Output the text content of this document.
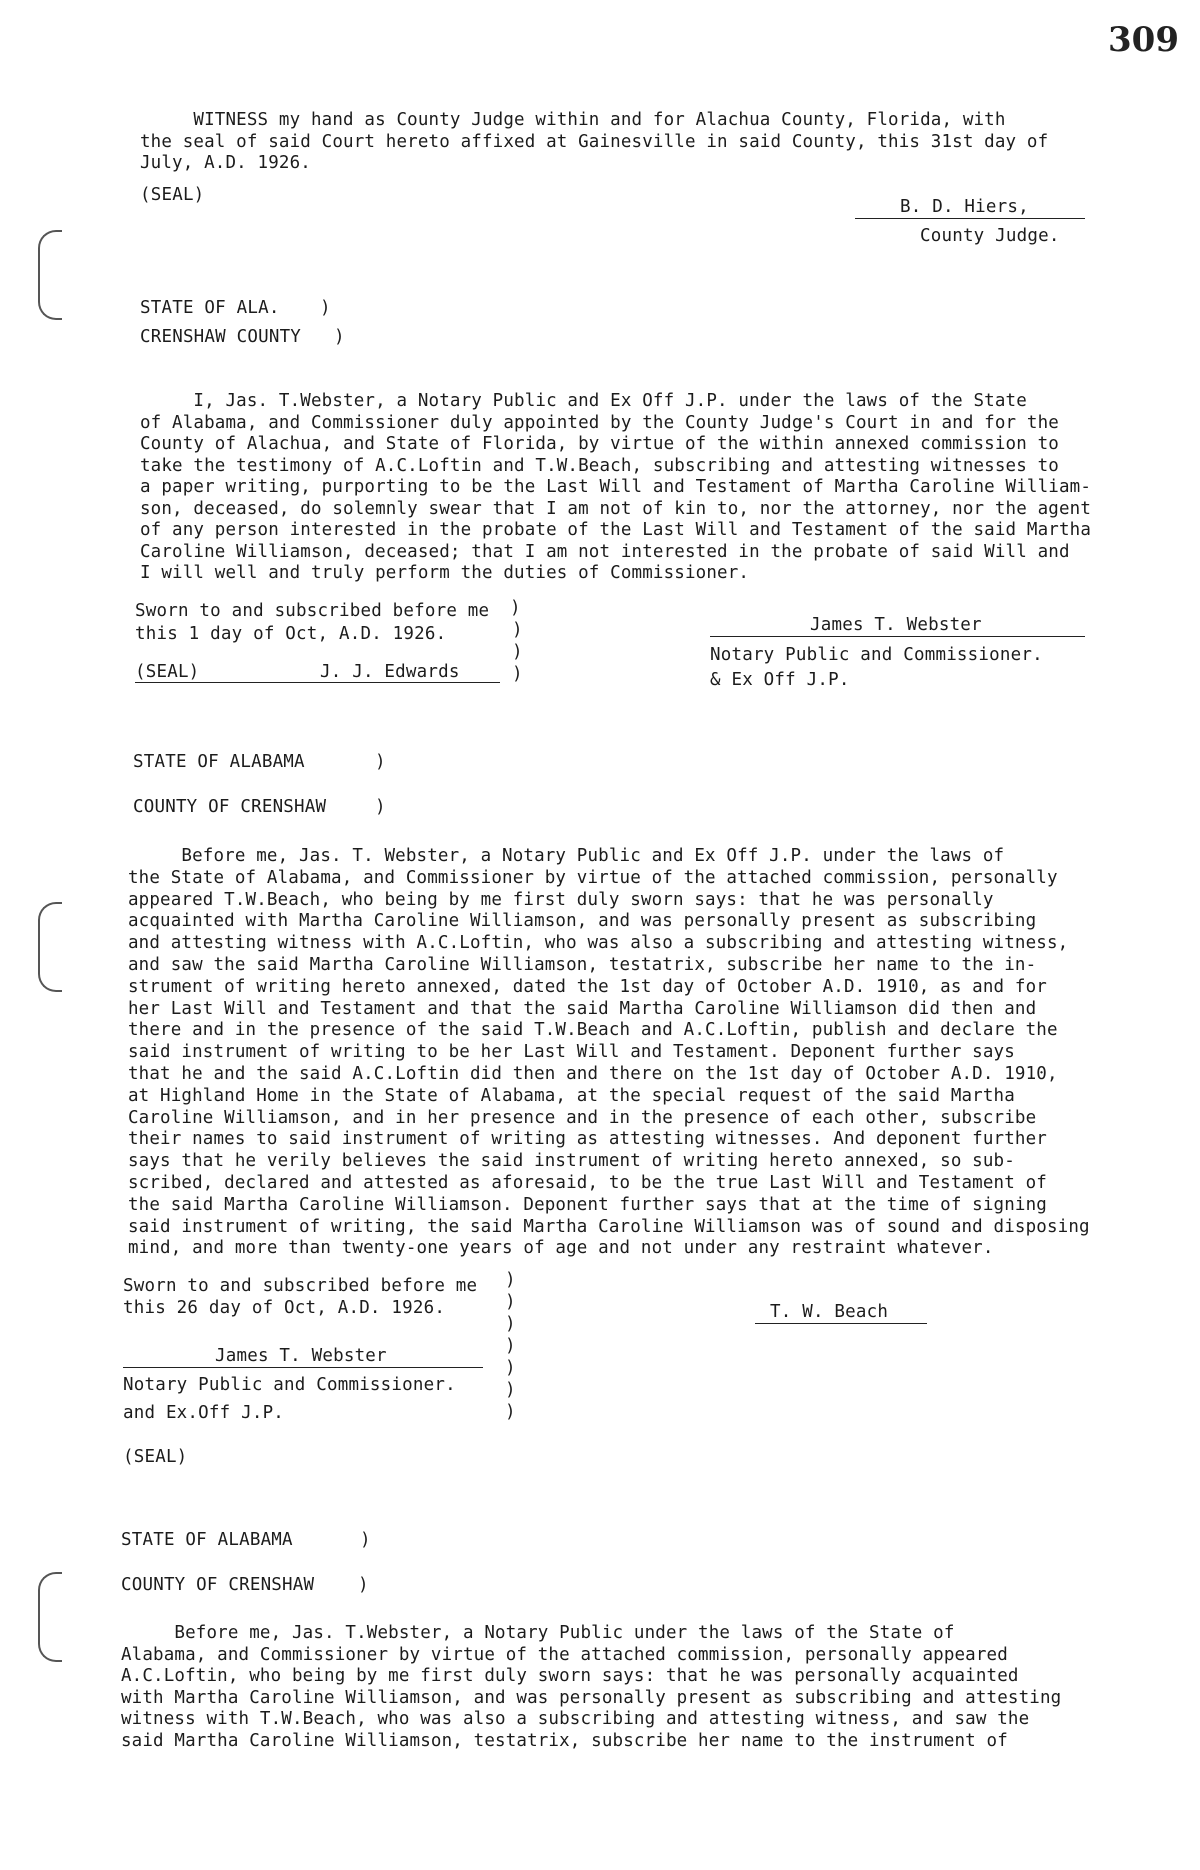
309
WITNESS my hand as County Judge within and for Alachua County, Florida, with
the seal of said Court hereto affixed at Gainesville in said County, this 31st day of
July, A.D. 1926.
(SEAL)
B. D. Hiers,
County Judge.
STATE OF ALA. )
CRENSHAW COUNTY )
I, Jas. T.Webster, a Notary Public and Ex Off J.P. under the laws of the State
of Alabama, and Commissioner duly appointed by the County Judge's Court in and for the
County of Alachua, and State of Florida, by virtue of the within annexed commission to
take the testimony of A.C.Loftin and T.W.Beach, subscribing and attesting witnesses to
a paper writing, purporting to be the Last Will and Testament of Martha Caroline William-
son, deceased, do solemnly swear that I am not of kin to, nor the attorney, nor the agent
of any person interested in the probate of the Last Will and Testament of the said Martha
Caroline Williamson, deceased; that I am not interested in the probate of said Will and
I will well and truly perform the duties of Commissioner.
Sworn to and subscribed before me
this 1 day of Oct, A.D. 1926.
)
)
)
)
(SEAL)	J. J. Edwards
James T. Webster
Notary Public and Commissioner.
& Ex Off J.P.
STATE OF ALABAMA	)
COUNTY OF CRENSHAW	)
Before me, Jas. T. Webster, a Notary Public and Ex Off J.P. under the laws of
the State of Alabama, and Commissioner by virtue of the attached commission, personally
appeared T.W.Beach, who being by me first duly sworn says: that he was personally
acquainted with Martha Caroline Williamson, and was personally present as subscribing
and attesting witness with A.C.Loftin, who was also a subscribing and attesting witness,
and saw the said Martha Caroline Williamson, testatrix, subscribe her name to the in-
strument of writing hereto annexed, dated the 1st day of October A.D. 1910, as and for
her Last Will and Testament and that the said Martha Caroline Williamson did then and
there and in the presence of the said T.W.Beach and A.C.Loftin, publish and declare the
said instrument of writing to be her Last Will and Testament. Deponent further says
that he and the said A.C.Loftin did then and there on the 1st day of October A.D. 1910,
at Highland Home in the State of Alabama, at the special request of the said Martha
Caroline Williamson, and in her presence and in the presence of each other, subscribe
their names to said instrument of writing as attesting witnesses. And deponent further
says that he verily believes the said instrument of writing hereto annexed, so sub-
scribed, declared and attested as aforesaid, to be the true Last Will and Testament of
the said Martha Caroline Williamson. Deponent further says that at the time of signing
said instrument of writing, the said Martha Caroline Williamson was of sound and disposing
mind, and more than twenty-one years of age and not under any restraint whatever.
Sworn to and subscribed before me
this 26 day of Oct, A.D. 1926.
)
)
)
)
)
)
)
T. W. Beach
James T. Webster
Notary Public and Commissioner.
and Ex.Off J.P.
(SEAL)
STATE OF ALABAMA	)
COUNTY OF CRENSHAW	)
Before me, Jas. T.Webster, a Notary Public under the laws of the State of
Alabama, and Commissioner by virtue of the attached commission, personally appeared
A.C.Loftin, who being by me first duly sworn says: that he was personally acquainted
with Martha Caroline Williamson, and was personally present as subscribing and attesting
witness with T.W.Beach, who was also a subscribing and attesting witness, and saw the
said Martha Caroline Williamson, testatrix, subscribe her name to the instrument of
